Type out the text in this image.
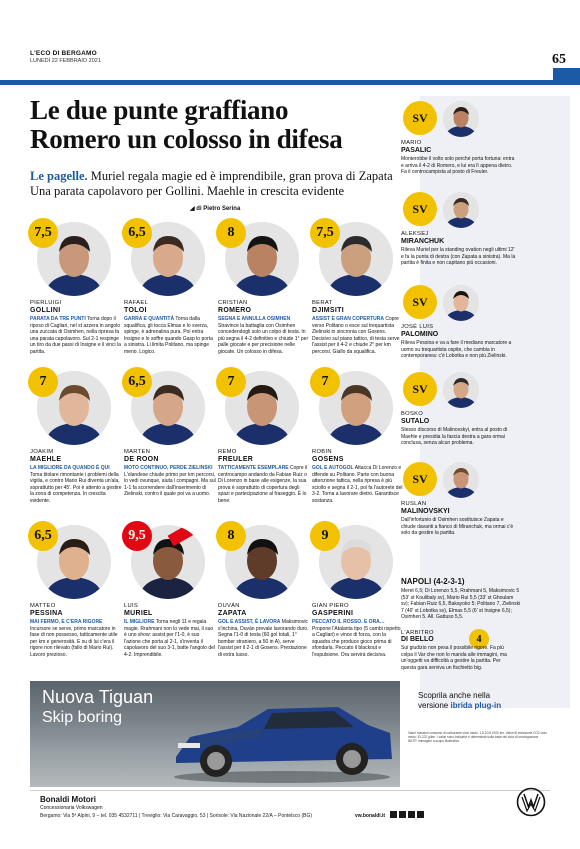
L'ECO DI BERGAMO
LUNEDÌ 22 FEBBRAIO 2021	65
Le due punte graffiano
Romero un colosso in difesa
Le pagelle. Muriel regala magie ed è imprendibile, gran prova di Zapata
Una parata capolavoro per Gollini. Maehle in crescita evidente
◢ di Pietro Serina
7,5
PIERLUIGI
GOLLINI
PARATA DA TRE PUNTI Torna dopo il riposo di Cagliari, nel st azzera in angolo una zuccata di Osimhen, nella ripresa fa una parata capolavoro. Sul 2-1 respinge un tiro da due passi di Insigne e il vinci la partita.
6,5
RAFAEL
TOLOI
GARRA E QUANTITÀ Torna dalla squalifica, gli tocca Elmas e lo sverza, spinge, è adrenalina pura. Poi entra Insigne e lo soffre quando Gasp lo porta a sinistra. Li limita Politano, ma spinge meno. Logico.
8
CRISTIAN
ROMERO
SEGNA E ANNULLA OSIMHEN Stravince la battaglia con Osimhen concedendogli solo un colpo di testa. In più segna il 4-2 definitivo e chiude 1° per palle giocate e per precisione nelle giocate. Un colosso in difesa.
7,5
BERAT
DJIMSITI
ASSIST E GRAN COPERTURA Copre verso Politano o esce sul trequartista Zielinski in sincronia con Gosens. Decisivo sul piano tattico, di testa serve l'assist per il 4-2 e chiude 2° per km percorsi. Giallo da squalifica.
7
JOAKIM
MAEHLE
LA MIGLIORE DA QUANDO È QUI Toma titolare rimontante i problemi della vigilia, e contro Mario Rui diventa un'ala, soprattutto per 45'. Poi è attento a gestire la zona di competenza. In crescita evidente.
6,5
MARTEN
DE ROON
MOTO CONTINUO, PERDE ZIELINSKI L'olandese chiude primo per km percorsi, lo vedi ovunque, aiuta i compagni. Ma sul 1-1 fa scorrendere dall'inserimento di Zielinski, contro il quale poi va a uomo.
7
REMO
FREULER
TATTICAMENTE ESEMPLARE Copre il centrocampo andando da Fabian Ruiz o Di Lorenzo in base alle esigenze, la sua prova è soprattutto di copertura degli spazi e partecipazione al fraseggio. È lo bene.
7
ROBIN
GOSENS
GOL E AUTOGOL Attacca Di Lorenzo e difende su Politano. Parte con buona attenzione tattica, nella ripresa è più sciolto e segna il 2-1, poi fa l'autorete del 3-2. Torna a lavorare dietro. Garantisce sostanza.
6,5
MATTEO
PESSINA
MAI FERMO, E C'ERA RIGORE Incursore se serve, primo marcatore in fase di non possesso, tatticamente utile per km e generosità. E su di lui c'era il rigore non rilevato (fallo di Mario Rui). Lavoro prezioso.
9,5
LUIS
MURIEL
IL MIGLIORE Torna negli 11 e regala magie. Rrahmani non lo vede mai, il suo è uno show: assist per l'1-0, è suo l'azione che porta al 2-1, s'inventa il capolavoro del suo 3-1, batte l'angolo del 4-2. Imprendibile.
8
DUVÁN
ZAPATA
GOL E ASSIST, È LAVORA Maksimovic s'inchina, Duván prevale lavorando duro. Segna l'1-0 di testa (60 gol totali, 1° bomber straniero, a 50 in A), serve l'assist per il 2-1 di Gosens. Prestazione di extra lusso.
9
GIAN PIERO
GASPERINI
PECCATO IL ROSSO. E ORA… Propone l'Atalanta tipo (5 cambi rispetto a Cagliari) e vince di forza, con la squadra che produce gioco prima di sfondarla. Peccato il blackout e l'espulsione. Ora servirà decisiva.
SV
MARIO
PASALIC
Monterobbe il volto solo perché porta fortuna: entra e arriva il 4-2 di Romero, e lui era lì appena dietro. Fa il centrocampista al posto di Freuler.
SV
ALEKSEJ
MIRANCHUK
Rileva Muriel per la standing ovation negli ultimi 12' e fa la punta di destra (con Zapata a sinistra). Ma la partita è finita e non capitano più occasioni.
SV
JOSÉ LUIS
PALOMINO
Rileva Pessina e va a fare il mediano marcatore a uomo su trequartista ospite, che cambia in contemporanea: c'è Lobotka e non più Zielinski.
SV
BOSKO
SUTALO
Stesso discorso di Malinovskyi, entra al posto di Maehle e presidia la fascia destra a gara ormai conclusa, senza alcun problema.
SV
RUSLAN
MALINOVSKYI
Dall'infortunio di Osimhen sostituisce Zapata e chiude davanti a fianco di Miranchuk, ma ormai c'è solo da gestire la partita.
NAPOLI (4-2-3-1)

Meret 6,5; Di Lorenzo 5,5, Rrahmani 5, Maksimovic 5 (53' st Koulibaly sv), Mario Rui 5,5 (33' st Ghoulam sv); Fabian Ruiz 6,5, Bakayoko 5; Politano 7, Zielinski 7 (40' st Lobotka sv), Elmas 5,5 (6' st Insigne 6,5); Osimhen 5. All. Gattuso 5,5.

L'ARBITRO
DI BELLO	4
Sui giudizio non pesa il possibile rigore. Fa più colpa il Var che non lo manda alle immagini, ma un'oggetti va difficoltà a gestire la partita. Per questa gara serviva un fischietto big.
Nuova Tiguan
Skip boring
Scoprila anche nella
versione ibrida plug-in
Valori massimi consumo di carburante ciclo misto: 1,5-10,8 l/100 km. Valori di emissione CO2 ciclo misto: 33-222 g/km. I valori sono indicativi e determinati sulla base del ciclo di omologazione WLTP. Immagine a scopo illustrativo.
Bonaldi Motori
Concessionaria Volkswagen
Bergamo: Via 5ª Alpini, 9 – tel. 035 4532711 | Treviglio: Via Caravaggio, 53 | Sorisole: Via Nazionale 22/A – Pontelsco (BG)	vw.bonaldi.it
